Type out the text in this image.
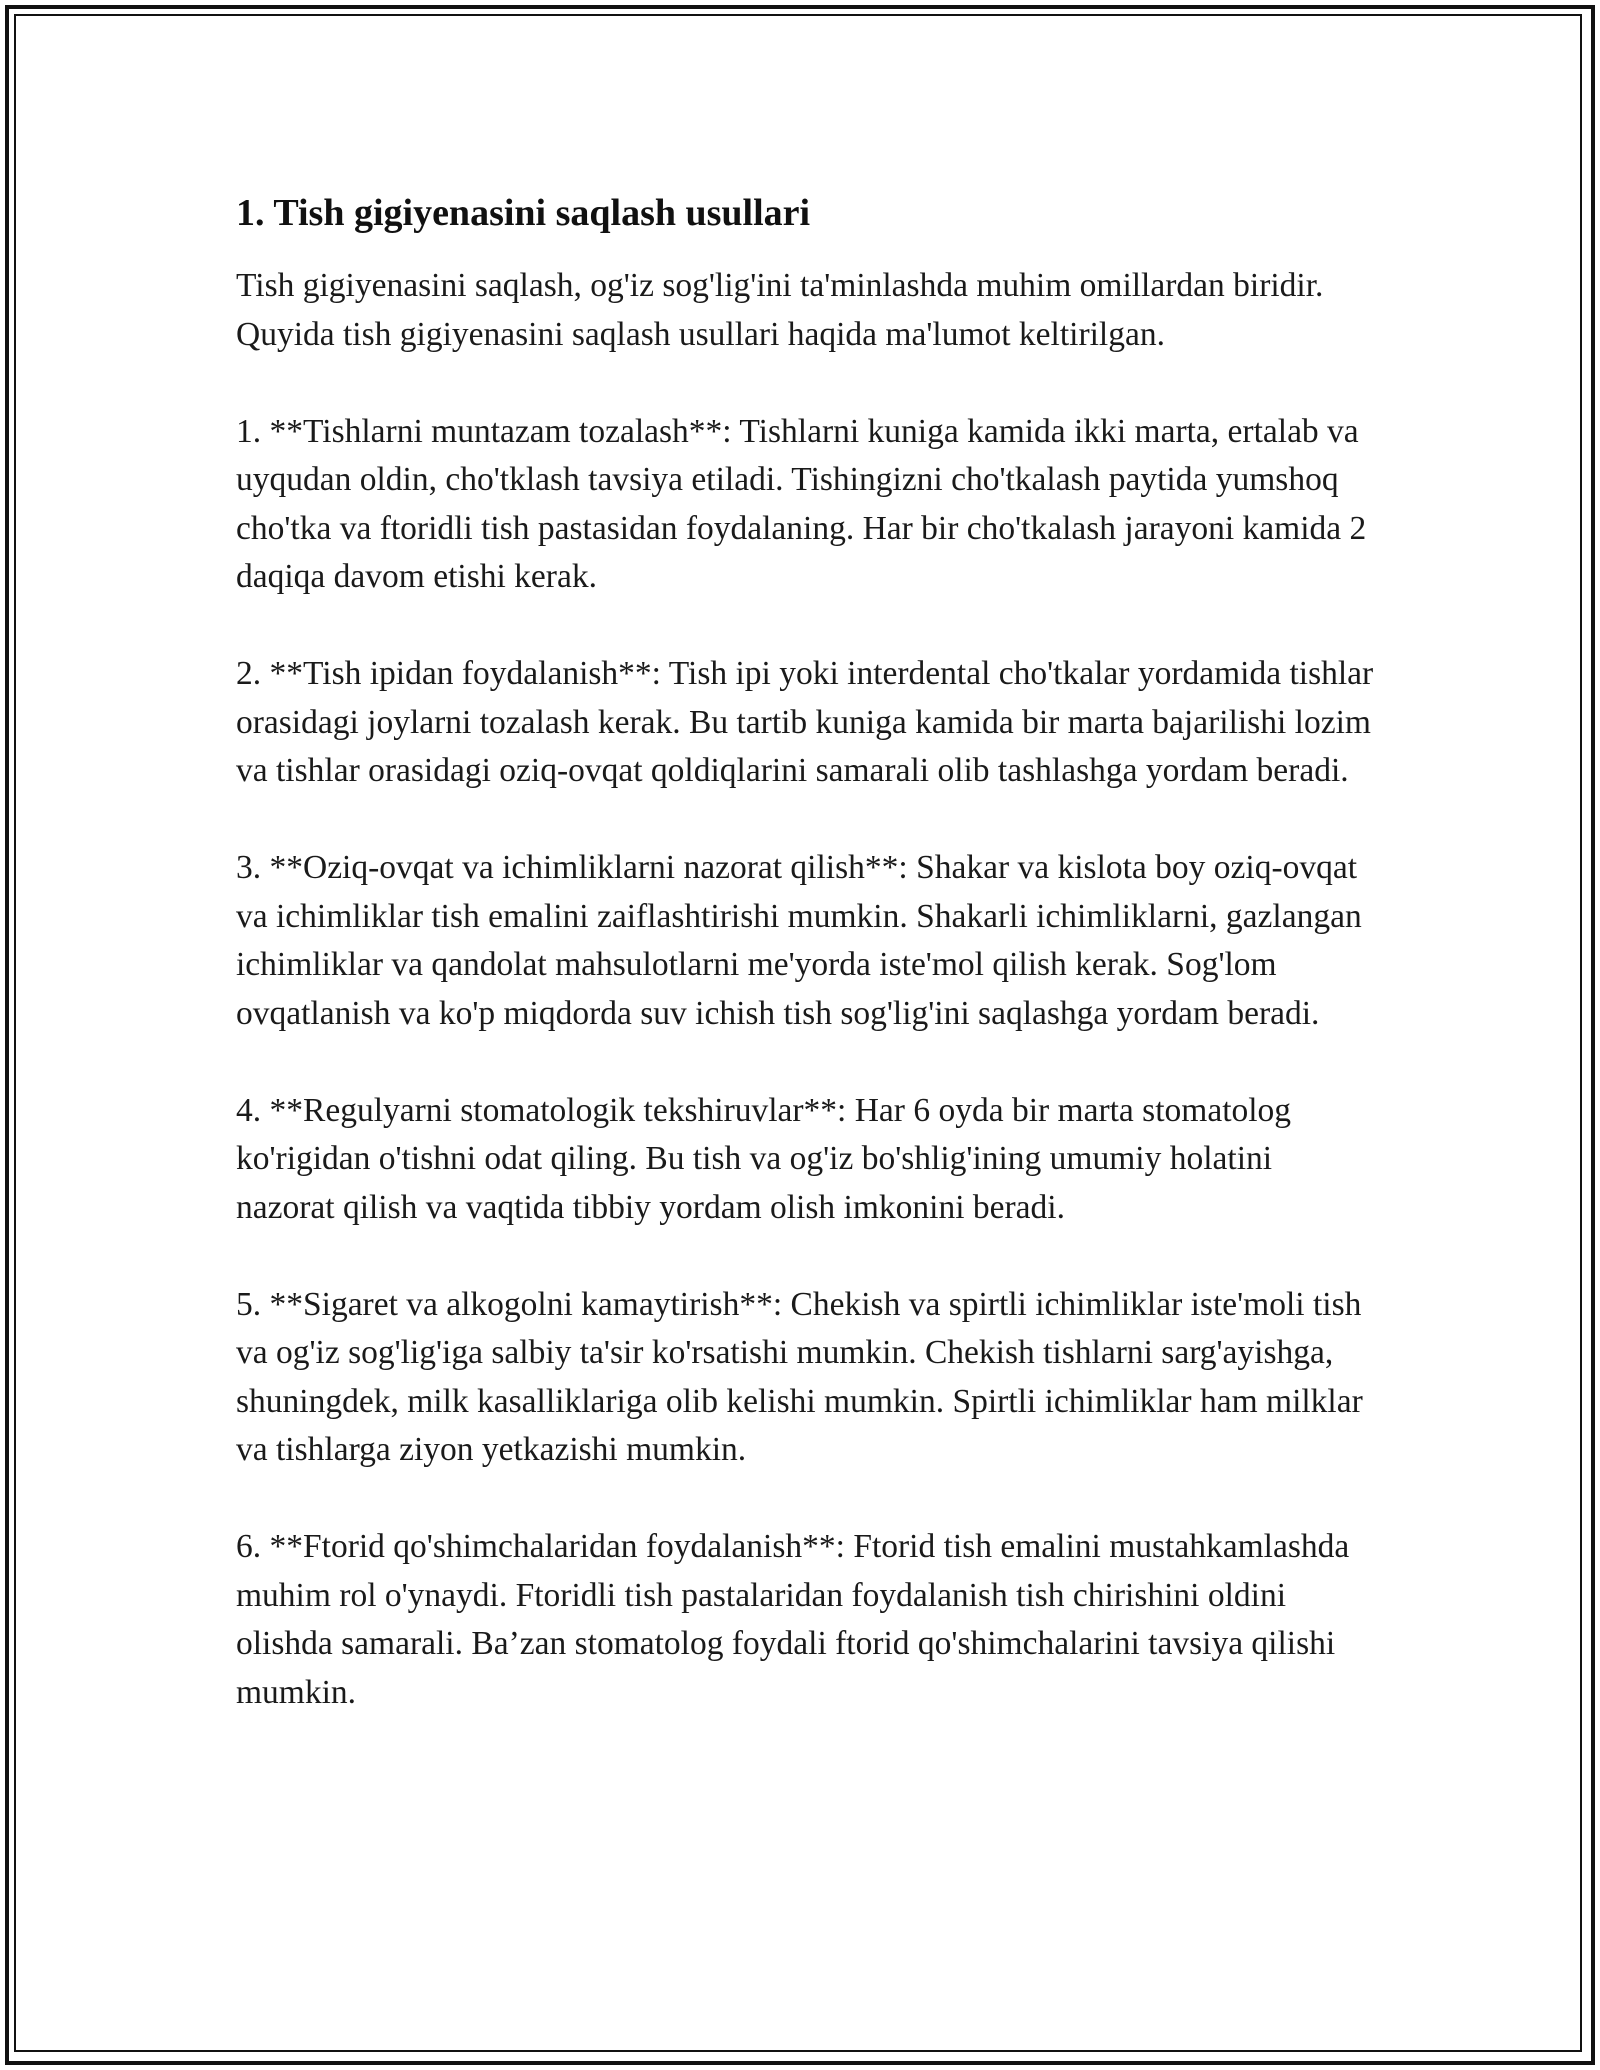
1. Tish gigiyenasini saqlash usullari

Tish gigiyenasini saqlash, og'iz sog'lig'ini ta'minlashda muhim omillardan biridir. Quyida tish gigiyenasini saqlash usullari haqida ma'lumot keltirilgan.

1. **Tishlarni muntazam tozalash**: Tishlarni kuniga kamida ikki marta, ertalab va uyqudan oldin, cho'tklash tavsiya etiladi. Tishingizni cho'tkalash paytida yumshoq cho'tka va ftoridli tish pastasidan foydalaning. Har bir cho'tkalash jarayoni kamida 2 daqiqa davom etishi kerak.

2. **Tish ipidan foydalanish**: Tish ipi yoki interdental cho'tkalar yordamida tishlar orasidagi joylarni tozalash kerak. Bu tartib kuniga kamida bir marta bajarilishi lozim va tishlar orasidagi oziq-ovqat qoldiqlarini samarali olib tashlashga yordam beradi.

3. **Oziq-ovqat va ichimliklarni nazorat qilish**: Shakar va kislota boy oziq-ovqat va ichimliklar tish emalini zaiflashtirishi mumkin. Shakarli ichimliklarni, gazlangan ichimliklar va qandolat mahsulotlarni me'yorda iste'mol qilish kerak. Sog'lom ovqatlanish va ko'p miqdorda suv ichish tish sog'lig'ini saqlashga yordam beradi.

4. **Regulyarni stomatologik tekshiruvlar**: Har 6 oyda bir marta stomatolog ko'rigidan o'tishni odat qiling. Bu tish va og'iz bo'shlig'ining umumiy holatini nazorat qilish va vaqtida tibbiy yordam olish imkonini beradi.

5. **Sigaret va alkogolni kamaytirish**: Chekish va spirtli ichimliklar iste'moli tish va og'iz sog'lig'iga salbiy ta'sir ko'rsatishi mumkin. Chekish tishlarni sarg'ayishga, shuningdek, milk kasalliklariga olib kelishi mumkin. Spirtli ichimliklar ham milklar va tishlarga ziyon yetkazishi mumkin.

6. **Ftorid qo'shimchalaridan foydalanish**: Ftorid tish emalini mustahkamlashda muhim rol o'ynaydi. Ftoridli tish pastalaridan foydalanish tish chirishini oldini olishda samarali. Ba’zan stomatolog foydali ftorid qo'shimchalarini tavsiya qilishi mumkin.
